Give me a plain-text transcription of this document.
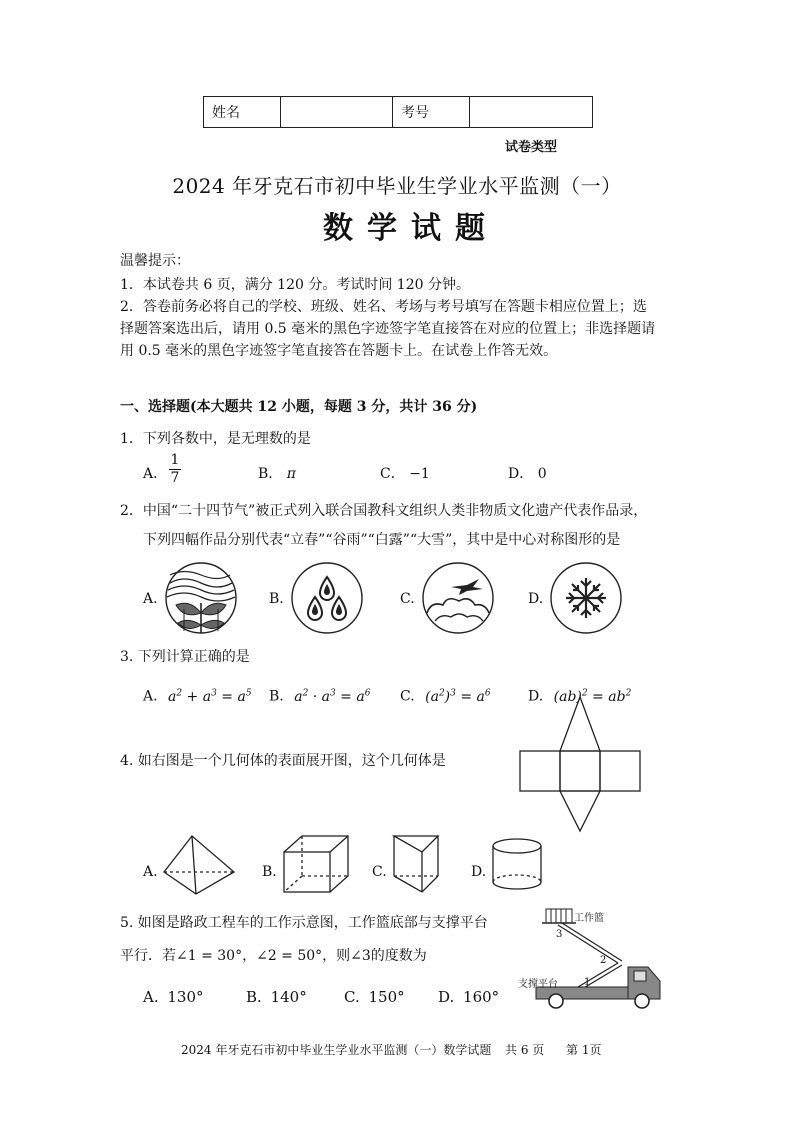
姓名		考号	
试卷类型
2024 年牙克石市初中毕业生学业水平监测（一）
数学试题
温馨提示：
1．本试卷共 6 页，满分 120 分。考试时间 120 分钟。
2．答卷前务必将自己的学校、班级、姓名、考场与考号填写在答题卡相应位置上；选
择题答案选出后，请用 0.5 毫米的黑色字迹签字笔直接答在对应的位置上；非选择题请
用 0.5 毫米的黑色字迹签字笔直接答在答题卡上。在试卷上作答无效。
一、选择题(本大题共 12 小题，每题 3 分，共计 36 分)
1．下列各数中，是无理数的是
A． $\frac{1}{7}$	B． π	C． −1	D． 0
2．中国“二十四节气”被正式列入联合国教科文组织人类非物质文化遗产代表作品录，
下列四幅作品分别代表“立春”“谷雨”“白露”“大雪”，其中是中心对称图形的是
A.	B.	C.	D.
3. 下列计算正确的是
A. $a^2 + a^3 = a^5$ B. $a^2 \cdot a^3 = a^6$ C. $(a^2)^3 = a^6$	D. $(ab)^2 = ab^2$
4. 如右图是一个几何体的表面展开图，这个几何体是
A.	B.	C.	D.
5. 如图是路政工程车的工作示意图，工作篮底部与支撑平台
平行．若∠1 = 30°，∠2 = 50°，则∠3的度数为
A. 130°	B. 140° C. 150° D. 160°
工作篮
支撑平台	1
2
3
2024 年牙克石市初中毕业生学业水平监测（一）数学试题 共 6 页 第 1页
